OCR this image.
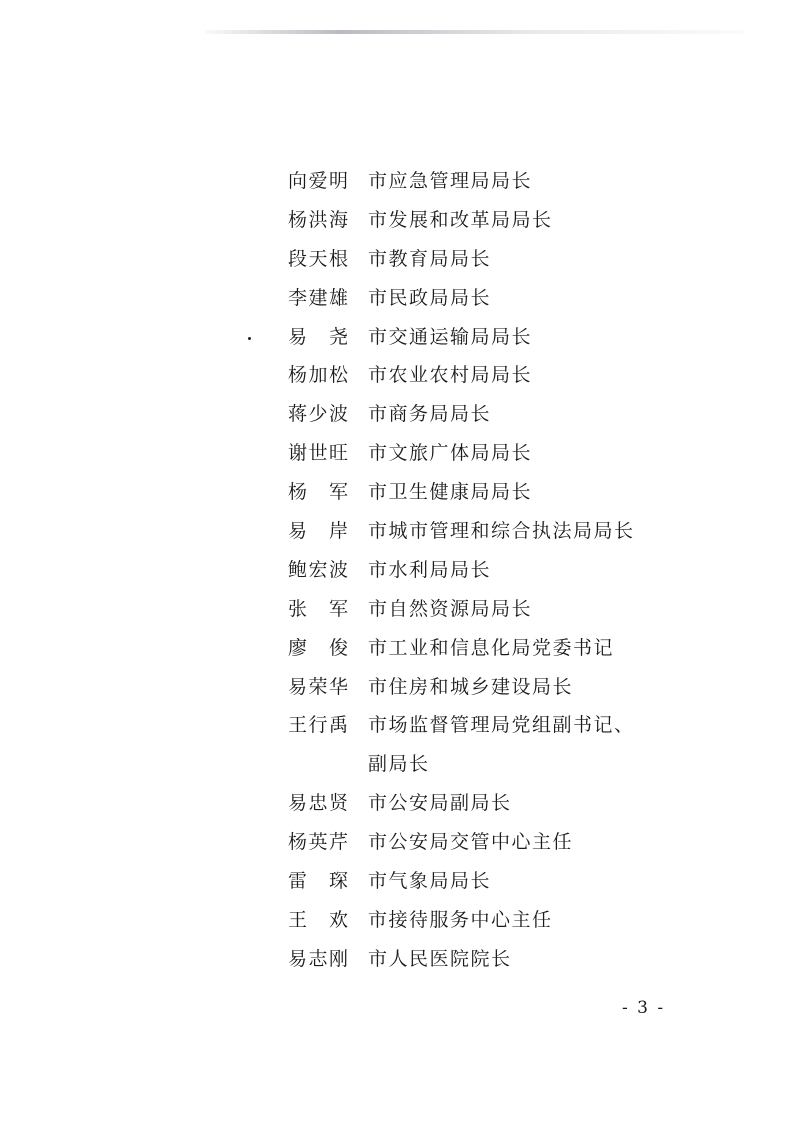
向爱明 市应急管理局局长
杨洪海 市发展和改革局局长
段天根 市教育局局长
李建雄 市民政局局长
易尧 市交通运输局局长
杨加松 市农业农村局局长
蒋少波 市商务局局长
谢世旺 市文旅广体局局长
杨军 市卫生健康局局长
易岸 市城市管理和综合执法局局长
鲍宏波 市水利局局长
张军 市自然资源局局长
廖俊 市工业和信息化局党委书记
易荣华 市住房和城乡建设局长
王行禹 市场监督管理局党组副书记、
副局长
易忠贤 市公安局副局长
杨英芹 市公安局交管中心主任
雷琛 市气象局局长
王欢 市接待服务中心主任
易志刚 市人民医院院长
- 3 -
